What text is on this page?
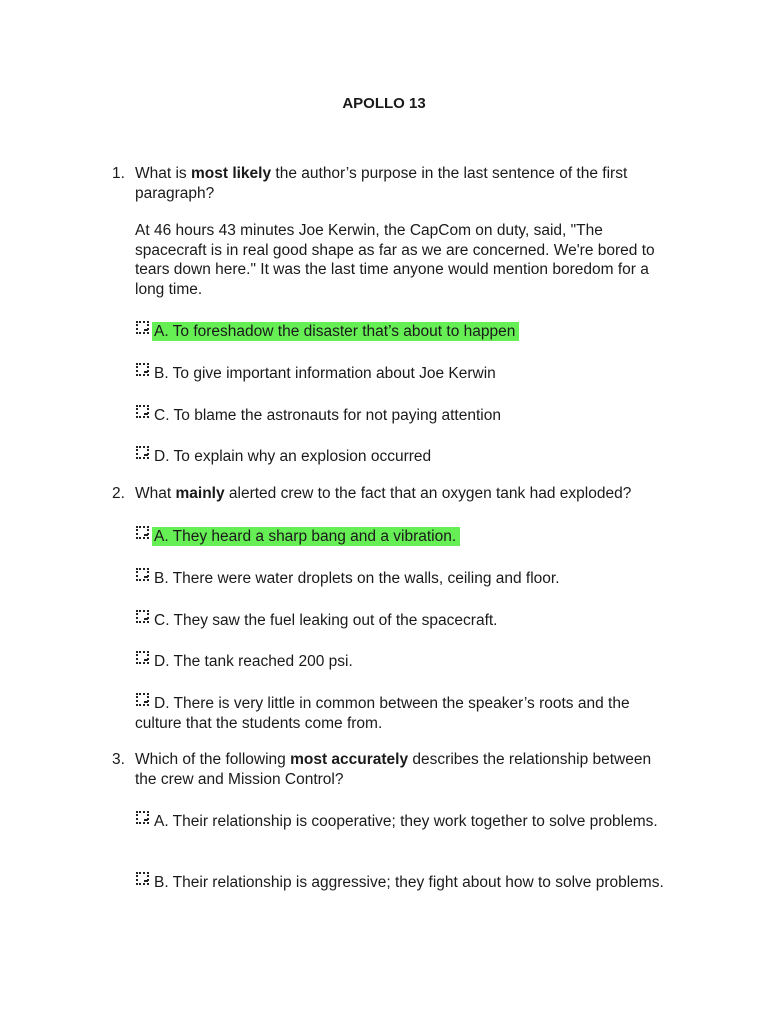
APOLLO 13
1. What is most likely the author’s purpose in the last sentence of the first paragraph?
At 46 hours 43 minutes Joe Kerwin, the CapCom on duty, said, "The spacecraft is in real good shape as far as we are concerned. We're bored to tears down here." It was the last time anyone would mention boredom for a long time.
A. To foreshadow the disaster that’s about to happen
B. To give important information about Joe Kerwin
C. To blame the astronauts for not paying attention
D. To explain why an explosion occurred
2. What mainly alerted crew to the fact that an oxygen tank had exploded?
A. They heard a sharp bang and a vibration.
B. There were water droplets on the walls, ceiling and floor.
C. They saw the fuel leaking out of the spacecraft.
D. The tank reached 200 psi.
D. There is very little in common between the speaker’s roots and the culture that the students come from.
3. Which of the following most accurately describes the relationship between the crew and Mission Control?
A. Their relationship is cooperative; they work together to solve problems.
B. Their relationship is aggressive; they fight about how to solve problems.
